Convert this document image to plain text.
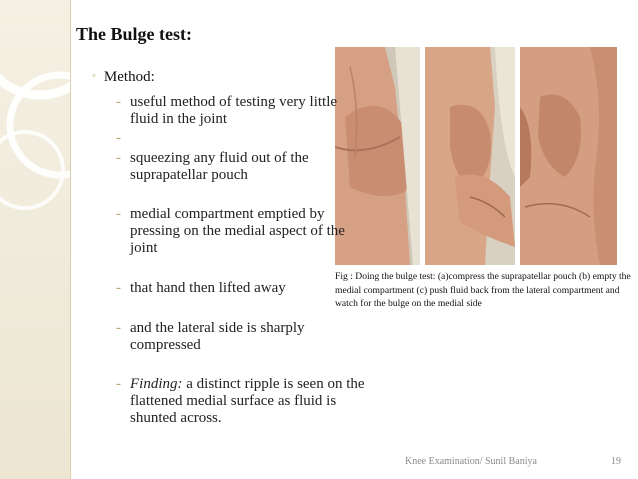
The Bulge test:
◦ Method:
- useful method of testing very little fluid in the joint
-
- squeezing any fluid out of the suprapatellar pouch
- medial compartment emptied by pressing on the medial aspect of the joint
- that hand then lifted away
- and the lateral side is sharply compressed
- Finding: a distinct ripple is seen on the flattened medial surface as fluid is shunted across.
Fig : Doing the bulge test: (a)compress the suprapatellar pouch (b) empty the medial compartment (c) push fluid back from the lateral compartment and watch for the bulge on the medial side
Knee Examination/ Sunil Baniya	19
